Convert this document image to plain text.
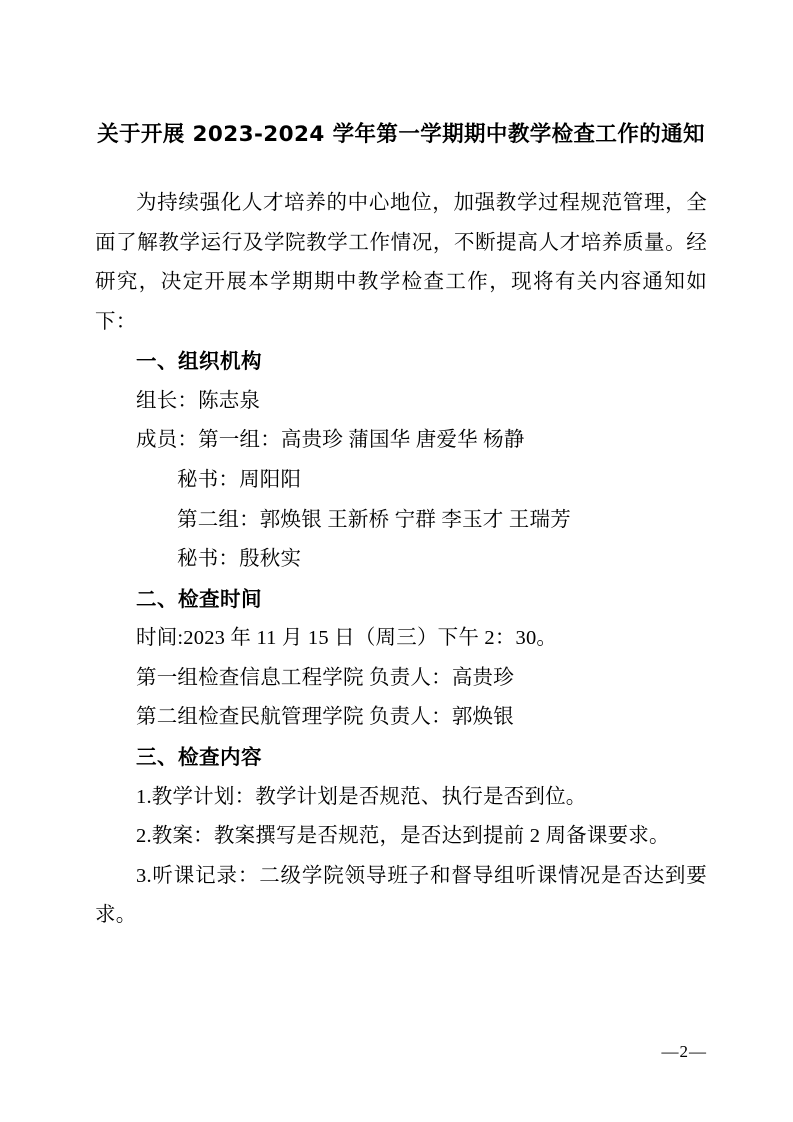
关于开展 2023-2024 学年第一学期期中教学检查工作的通知

为持续强化人才培养的中心地位，加强教学过程规范管理，全面了解教学运行及学院教学工作情况，不断提高人才培养质量。经研究，决定开展本学期期中教学检查工作，现将有关内容通知如下：

一、组织机构

组长：陈志泉

成员：第一组：高贵珍 蒲国华 唐爱华 杨静

秘书：周阳阳

第二组：郭焕银 王新桥 宁群 李玉才 王瑞芳

秘书：殷秋实

二、检查时间

时间:2023 年 11 月 15 日（周三）下午 2：30。

第一组检查信息工程学院 负责人：高贵珍

第二组检查民航管理学院 负责人：郭焕银

三、检查内容

1.教学计划：教学计划是否规范、执行是否到位。

2.教案：教案撰写是否规范，是否达到提前 2 周备课要求。

3.听课记录：二级学院领导班子和督导组听课情况是否达到要求。

—2—
